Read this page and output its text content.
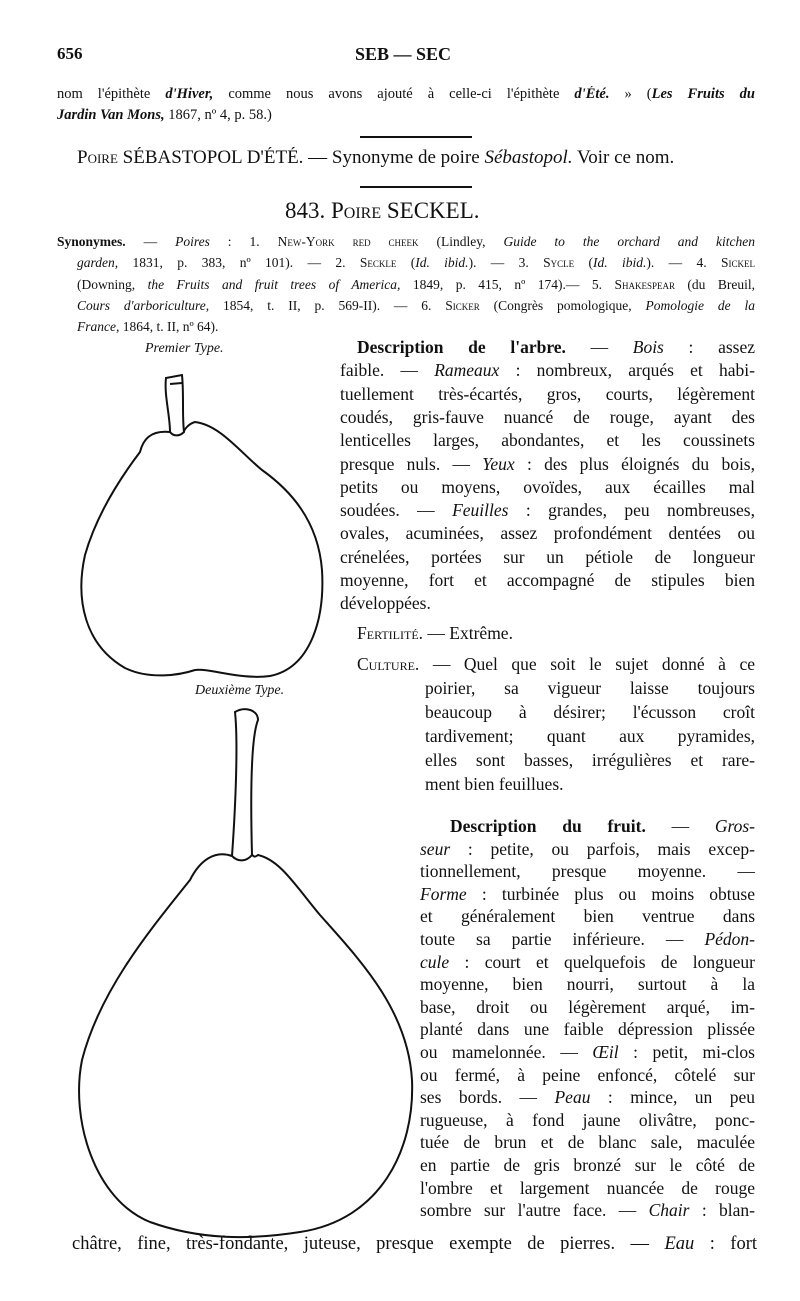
656	SEB — SEC
nom l'épithète d'Hiver, comme nous avons ajouté à celle-ci l'épithète d'Été. » (Les Fruits du
Jardin Van Mons, 1867, nº 4, p. 58.)
Poire SÉBASTOPOL D'ÉTÉ. — Synonyme de poire Sébastopol. Voir ce nom.
843. Poire SECKEL.
Synonymes. — Poires : 1. New-York red cheek (Lindley, Guide to the orchard and kitchen
garden, 1831, p. 383, nº 101). — 2. Seckle (Id. ibid.). — 3. Sycle (Id. ibid.). — 4. Sickel
(Downing, the Fruits and fruit trees of America, 1849, p. 415, nº 174).— 5. Shakespear (du Breuil,
Cours d'arboriculture, 1854, t. II, p. 569-II). — 6. Sicker (Congrès pomologique, Pomologie de la
France, 1864, t. II, nº 64).
Premier Type.
Deuxième Type.
Description de l'arbre. — Bois : assez
faible. — Rameaux : nombreux, arqués et habi-
tuellement très-écartés, gros, courts, légèrement
coudés, gris-fauve nuancé de rouge, ayant des
lenticelles larges, abondantes, et les coussinets
presque nuls. — Yeux : des plus éloignés du bois,
petits ou moyens, ovoïdes, aux écailles mal
soudées. — Feuilles : grandes, peu nombreuses,
ovales, acuminées, assez profondément dentées ou
crénelées, portées sur un pétiole de longueur
moyenne, fort et accompagné de stipules bien
développées.
Fertilité. — Extrême.
Culture. — Quel que soit le sujet donné à ce
poirier, sa vigueur laisse toujours
beaucoup à désirer; l'écusson croît
tardivement; quant aux pyramides,
elles sont basses, irrégulières et rare-
ment bien feuillues.
Description du fruit. — Gros-
seur : petite, ou parfois, mais excep-
tionnellement, presque moyenne. —
Forme : turbinée plus ou moins obtuse
et généralement bien ventrue dans
toute sa partie inférieure. — Pédon-
cule : court et quelquefois de longueur
moyenne, bien nourri, surtout à la
base, droit ou légèrement arqué, im-
planté dans une faible dépression plissée
ou mamelonnée. — Œil : petit, mi-clos
ou fermé, à peine enfoncé, côtelé sur
ses bords. — Peau : mince, un peu
rugueuse, à fond jaune olivâtre, ponc-
tuée de brun et de blanc sale, maculée
en partie de gris bronzé sur le côté de
l'ombre et largement nuancée de rouge
sombre sur l'autre face. — Chair : blan-
châtre, fine, très-fondante, juteuse, presque exempte de pierres. — Eau : fort
